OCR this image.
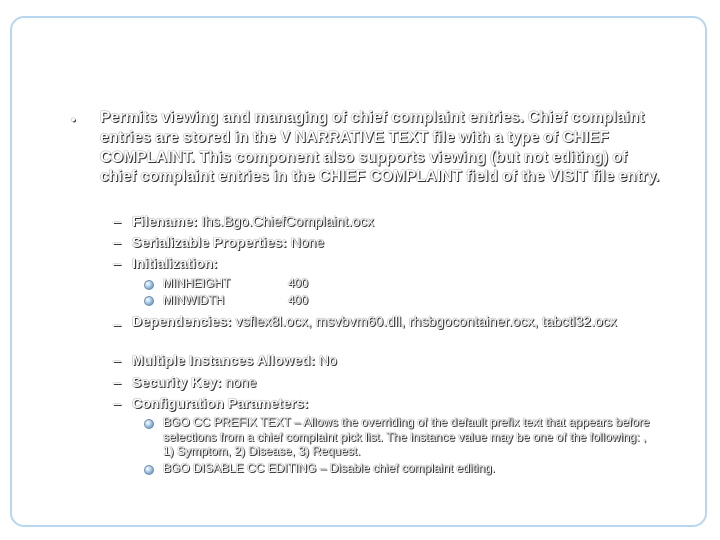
• Permits viewing and managing of chief complaint entries. Chief complaint entries are stored in the V NARRATIVE TEXT file with a type of CHIEF COMPLAINT. This component also supports viewing (but not editing) of chief complaint entries in the CHIEF COMPLAINT field of the VISIT file entry.
– Filename: Ihs.Bgo.ChiefComplaint.ocx
– Serializable Properties: None
– Initialization:
MINHEIGHT	400
MINWIDTH	400
– Dependencies: vsflex8l.ocx, msvbvm60.dll, rhsbgocontainer.ocx, tabctl32.ocx
– Multiple Instances Allowed: No
– Security Key: none
– Configuration Parameters:
BGO CC PREFIX TEXT – Allows the overriding of the default prefix text that appears before selections from a chief complaint pick list. The instance value may be one of the following: , 1) Symptom, 2) Disease, 3) Request.
BGO DISABLE CC EDITING – Disable chief complaint editing.
